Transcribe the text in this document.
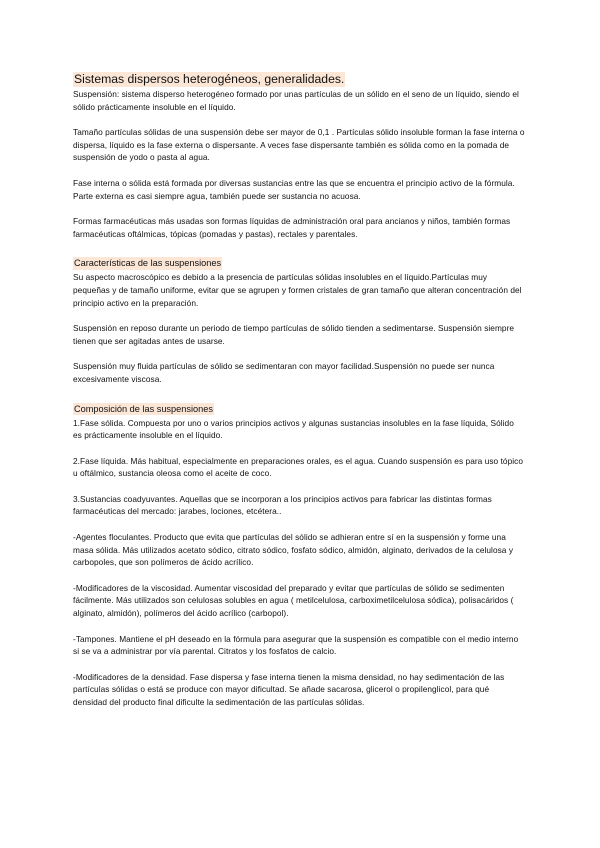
Sistemas dispersos heterogéneos, generalidades.

Suspensión: sistema disperso heterogéneo formado por unas partículas de un sólido en el seno de un líquido, siendo el sólido prácticamente insoluble en el líquido.

Tamaño partículas sólidas de una suspensión debe ser mayor de 0,1 . Partículas sólido insoluble forman la fase interna o dispersa, líquido es la fase externa o dispersante. A veces fase dispersante también es sólida como en la pomada de suspensión de yodo o pasta al agua.

Fase interna o sólida está formada por diversas sustancias entre las que se encuentra el principio activo de la fórmula. Parte externa es casi siempre agua, también puede ser sustancia no acuosa.

Formas farmacéuticas más usadas son formas líquidas de administración oral para ancianos y niños, también formas farmacéuticas oftálmicas, tópicas (pomadas y pastas), rectales y parentales.

Características de las suspensiones

Su aspecto macroscópico es debido a la presencia de partículas sólidas insolubles en el líquido.Partículas muy pequeñas y de tamaño uniforme, evitar que se agrupen y formen cristales de gran tamaño que alteran concentración del principio activo en la preparación.

Suspensión en reposo durante un periodo de tiempo partículas de sólido tienden a sedimentarse. Suspensión siempre tienen que ser agitadas antes de usarse.

Suspensión muy fluida partículas de sólido se sedimentaran con mayor facilidad.Suspensión no puede ser nunca excesivamente viscosa.

Composición de las suspensiones

1.Fase sólida. Compuesta por uno o varios principios activos y algunas sustancias insolubles en la fase líquida, Sólido es prácticamente insoluble en el líquido.

2.Fase líquida. Más habitual, especialmente en preparaciones orales, es el agua. Cuando suspensión es para uso tópico u oftálmico, sustancia oleosa como el aceite de coco.

3.Sustancias coadyuvantes. Aquellas que se incorporan a los principios activos para fabricar las distintas formas farmacéuticas del mercado: jarabes, lociones, etcétera..

-Agentes floculantes. Producto que evita que partículas del sólido se adhieran entre sí en la suspensión y forme una masa sólida. Más utilizados acetato sódico, citrato sódico, fosfato sódico, almidón, alginato, derivados de la celulosa y carbopoles, que son polímeros de ácido acrílico.

-Modificadores de la viscosidad. Aumentar viscosidad del preparado y evitar que partículas de sólido se sedimenten fácilmente. Más utilizados son celulosas solubles en agua ( metilcelulosa, carboximetilcelulosa sódica), polisacáridos ( alginato, almidón), polímeros del ácido acrílico (carbopol).

-Tampones. Mantiene el pH deseado en la fórmula para asegurar que la suspensión es compatible con el medio interno si se va a administrar por vía parental. Citratos y los fosfatos de calcio.

-Modificadores de la densidad. Fase dispersa y fase interna tienen la misma densidad, no hay sedimentación de las partículas sólidas o está se produce con mayor dificultad. Se añade sacarosa, glicerol o propilenglicol, para qué densidad del producto final dificulte la sedimentación de las partículas sólidas.
